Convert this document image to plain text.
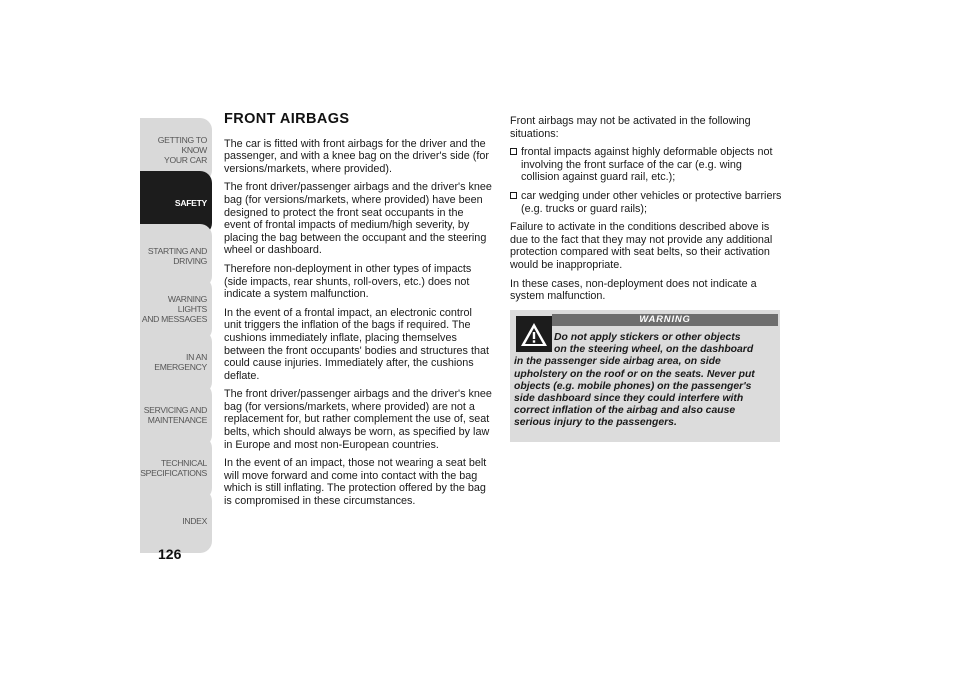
GETTING TO KNOW
YOUR CAR
SAFETY
STARTING AND
DRIVING
WARNING LIGHTS
AND MESSAGES
IN AN EMERGENCY
SERVICING AND
MAINTENANCE
TECHNICAL
SPECIFICATIONS
INDEX
126
FRONT AIRBAGS

The car is fitted with front airbags for the driver and the passenger, and with a knee bag on the driver's side (for versions/markets, where provided).

The front driver/passenger airbags and the driver's knee bag (for versions/markets, where provided) have been designed to protect the front seat occupants in the event of frontal impacts of medium/high severity, by placing the bag between the occupant and the steering wheel or dashboard.

Therefore non-deployment in other types of impacts (side impacts, rear shunts, roll-overs, etc.) does not indicate a system malfunction.

In the event of a frontal impact, an electronic control unit triggers the inflation of the bags if required. The cushions immediately inflate, placing themselves between the front occupants' bodies and structures that could cause injuries. Immediately after, the cushions deflate.

The front driver/passenger airbags and the driver's knee bag (for versions/markets, where provided) are not a replacement for, but rather complement the use of, seat belts, which should always be worn, as specified by law in Europe and most non-European countries.

In the event of an impact, those not wearing a seat belt will move forward and come into contact with the bag which is still inflating. The protection offered by the bag is compromised in these circumstances.

Front airbags may not be activated in the following situations:

frontal impacts against highly deformable objects not involving the front surface of the car (e.g. wing collision against guard rail, etc.);
car wedging under other vehicles or protective barriers (e.g. trucks or guard rails);

Failure to activate in the conditions described above is due to the fact that they may not provide any additional protection compared with seat belts, so their activation would be inappropriate.

In these cases, non-deployment does not indicate a system malfunction.

WARNING
Do not apply stickers or other objects
on the steering wheel, on the dashboard
in the passenger side airbag area, on side upholstery on the roof or on the seats. Never put objects (e.g. mobile phones) on the passenger's side dashboard since they could interfere with correct inflation of the airbag and also cause serious injury to the passengers.
